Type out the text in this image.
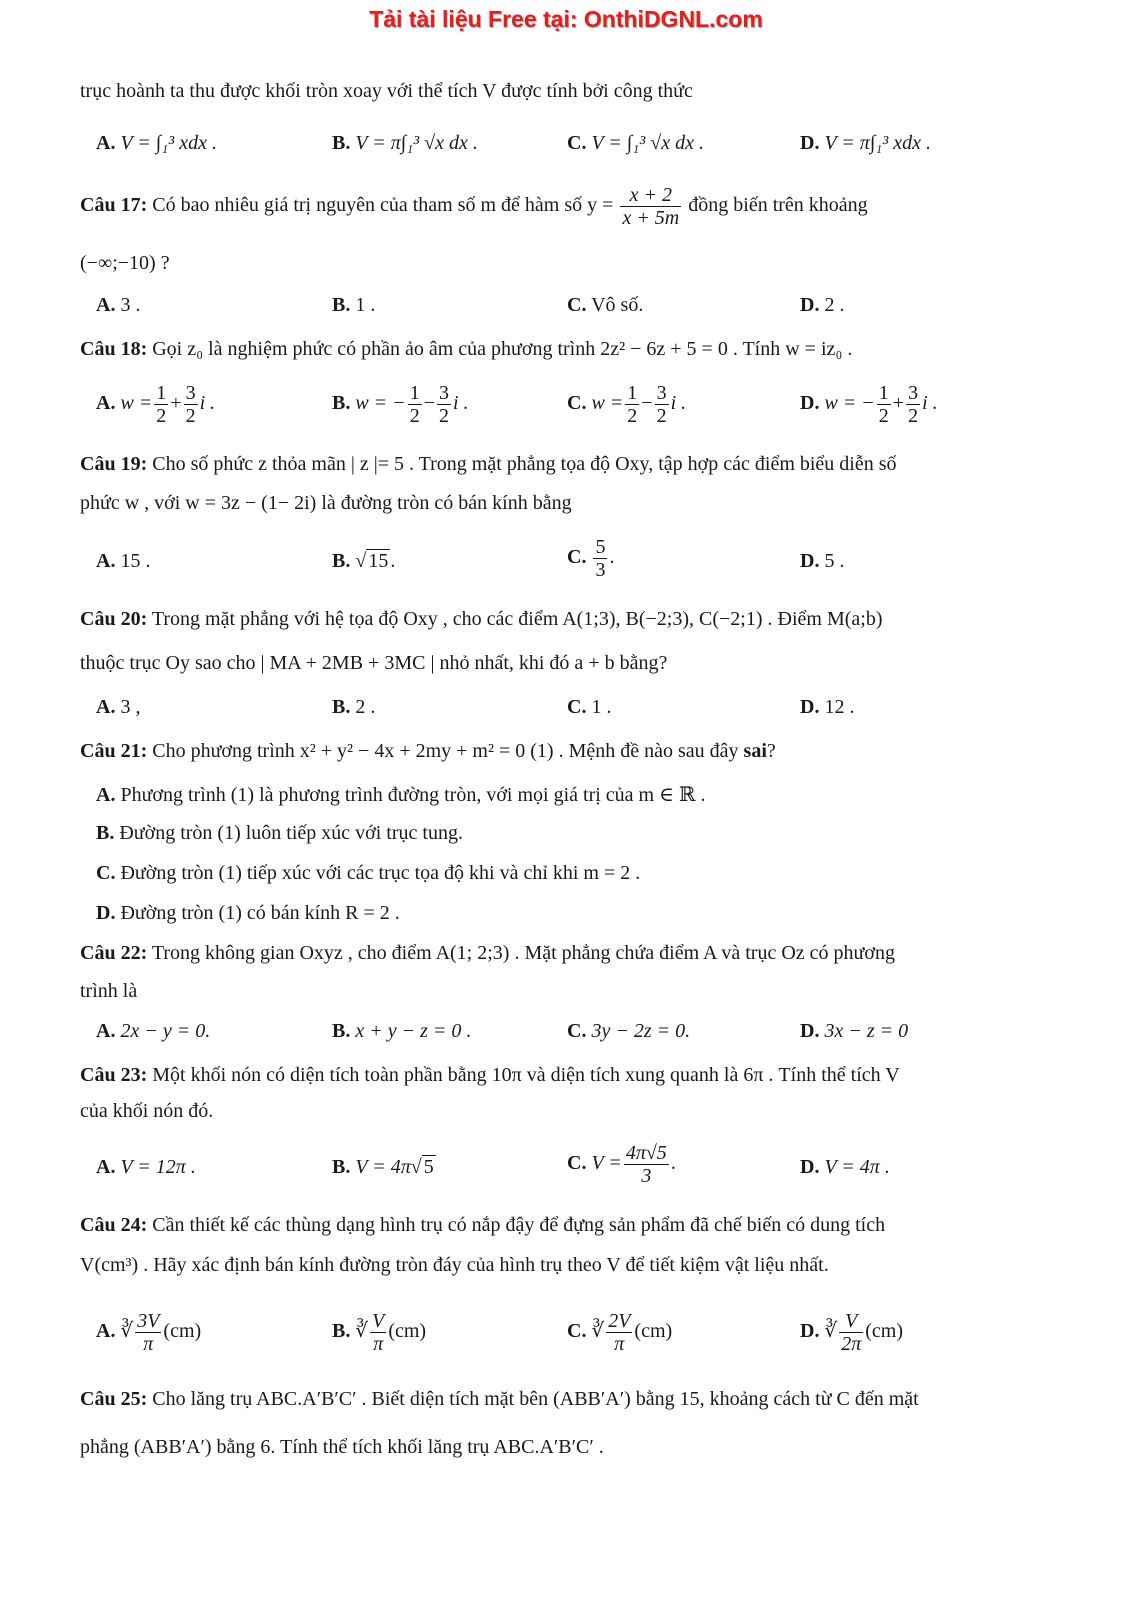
Tải tài liệu Free tại: OnthiDGNL.com
trục hoành ta thu được khối tròn xoay với thể tích V được tính bởi công thức
A. V = ∫₁³ xdx .	B. V = π∫₁³ √x dx .	C. V = ∫₁³ √x dx .	D. V = π∫₁³ xdx .
Câu 17: Có bao nhiêu giá trị nguyên của tham số m để hàm số $y = \frac{x + 2}{x + 5m}$ đồng biến trên khoảng
(−∞;−10) ?
A. 3 .	B. 1 .	C. Vô số.	D. 2 .
Câu 18: Gọi z₀ là nghiệm phức có phần ảo âm của phương trình 2z² − 6z + 5 = 0 . Tính w = iz₀ .
A. $w = \frac{1}{2} + \frac{3}{2}$ i .	B. w = − $\frac{1}{2} - \frac{3}{2}$ i .	C. $w = \frac{1}{2} - \frac{3}{2}$ i .	D. w = − $\frac{1}{2} + \frac{3}{2}$ i .
Câu 19: Cho số phức z thỏa mãn | z |= 5 . Trong mặt phẳng tọa độ Oxy, tập hợp các điểm biểu diễn số
phức w , với w = 3z − (1− 2i) là đường tròn có bán kính bằng
A. 15 .	B. √ 15 .	C. $\frac{5}{3}$ .	D. 5 .
Câu 20: Trong mặt phẳng với hệ tọa độ Oxy , cho các điểm A(1;3), B(−2;3), C(−2;1) . Điểm M(a;b)
thuộc trục Oy sao cho | MA + 2MB + 3MC | nhỏ nhất, khi đó a + b bằng?
A. 3 ,	B. 2 .	C. 1 .	D. 12 .
Câu 21: Cho phương trình x² + y² − 4x + 2my + m² = 0 (1) . Mệnh đề nào sau đây sai?
A. Phương trình (1) là phương trình đường tròn, với mọi giá trị của m ∈ ℝ .
B. Đường tròn (1) luôn tiếp xúc với trục tung.
C. Đường tròn (1) tiếp xúc với các trục tọa độ khi và chỉ khi m = 2 .
D. Đường tròn (1) có bán kính R = 2 .
Câu 22: Trong không gian Oxyz , cho điểm A(1; 2;3) . Mặt phẳng chứa điểm A và trục Oz có phương
trình là
A. 2x − y = 0.	B. x + y − z = 0 .	C. 3y − 2z = 0.	D. 3x − z = 0
Câu 23: Một khối nón có diện tích toàn phần bằng 10π và diện tích xung quanh là 6π . Tính thể tích V
của khối nón đó.
A. V = 12π .	B. V = 4π√ 5	C. $V = \frac{4\pi√5}{3}$ .	D. V = 4π .
Câu 24: Cần thiết kế các thùng dạng hình trụ có nắp đậy để đựng sản phẩm đã chế biến có dung tích
V(cm³) . Hãy xác định bán kính đường tròn đáy của hình trụ theo V để tiết kiệm vật liệu nhất.
A. ∛ $\frac{3V}{\pi} (cm)$	B. ∛ $\frac{V}{\pi} (cm)$	C. ∛ $\frac{2V}{\pi} (cm)$	D. ∛ $\frac{V}{2\pi} (cm)$
Câu 25: Cho lăng trụ ABC.A′B′C′ . Biết diện tích mặt bên (ABB′A′) bằng 15, khoảng cách từ C đến mặt
phẳng (ABB′A′) bằng 6. Tính thể tích khối lăng trụ ABC.A′B′C′ .
